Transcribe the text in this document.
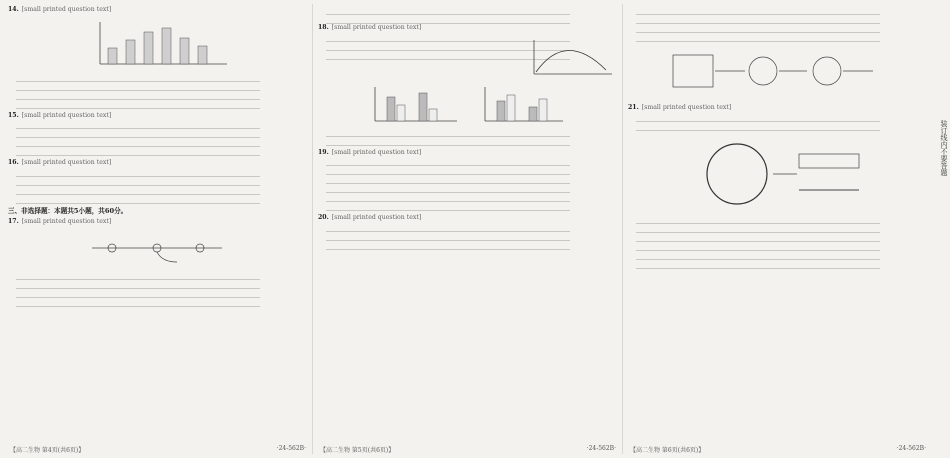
14. [small printed question text]
15. [small printed question text]
16. [small printed question text]
三、非选择题：本题共5小题，共60分。
17. [small printed question text]
18. [small printed question text]
19. [small printed question text]
20. [small printed question text]
21. [small printed question text]
【高二生物 第4页(共6页)】	·24-562B· 【高二生物 第5页(共6页)】	·24-562B· 【高二生物 第6页(共6页)】	·24-562B·
装订线内不要答题
